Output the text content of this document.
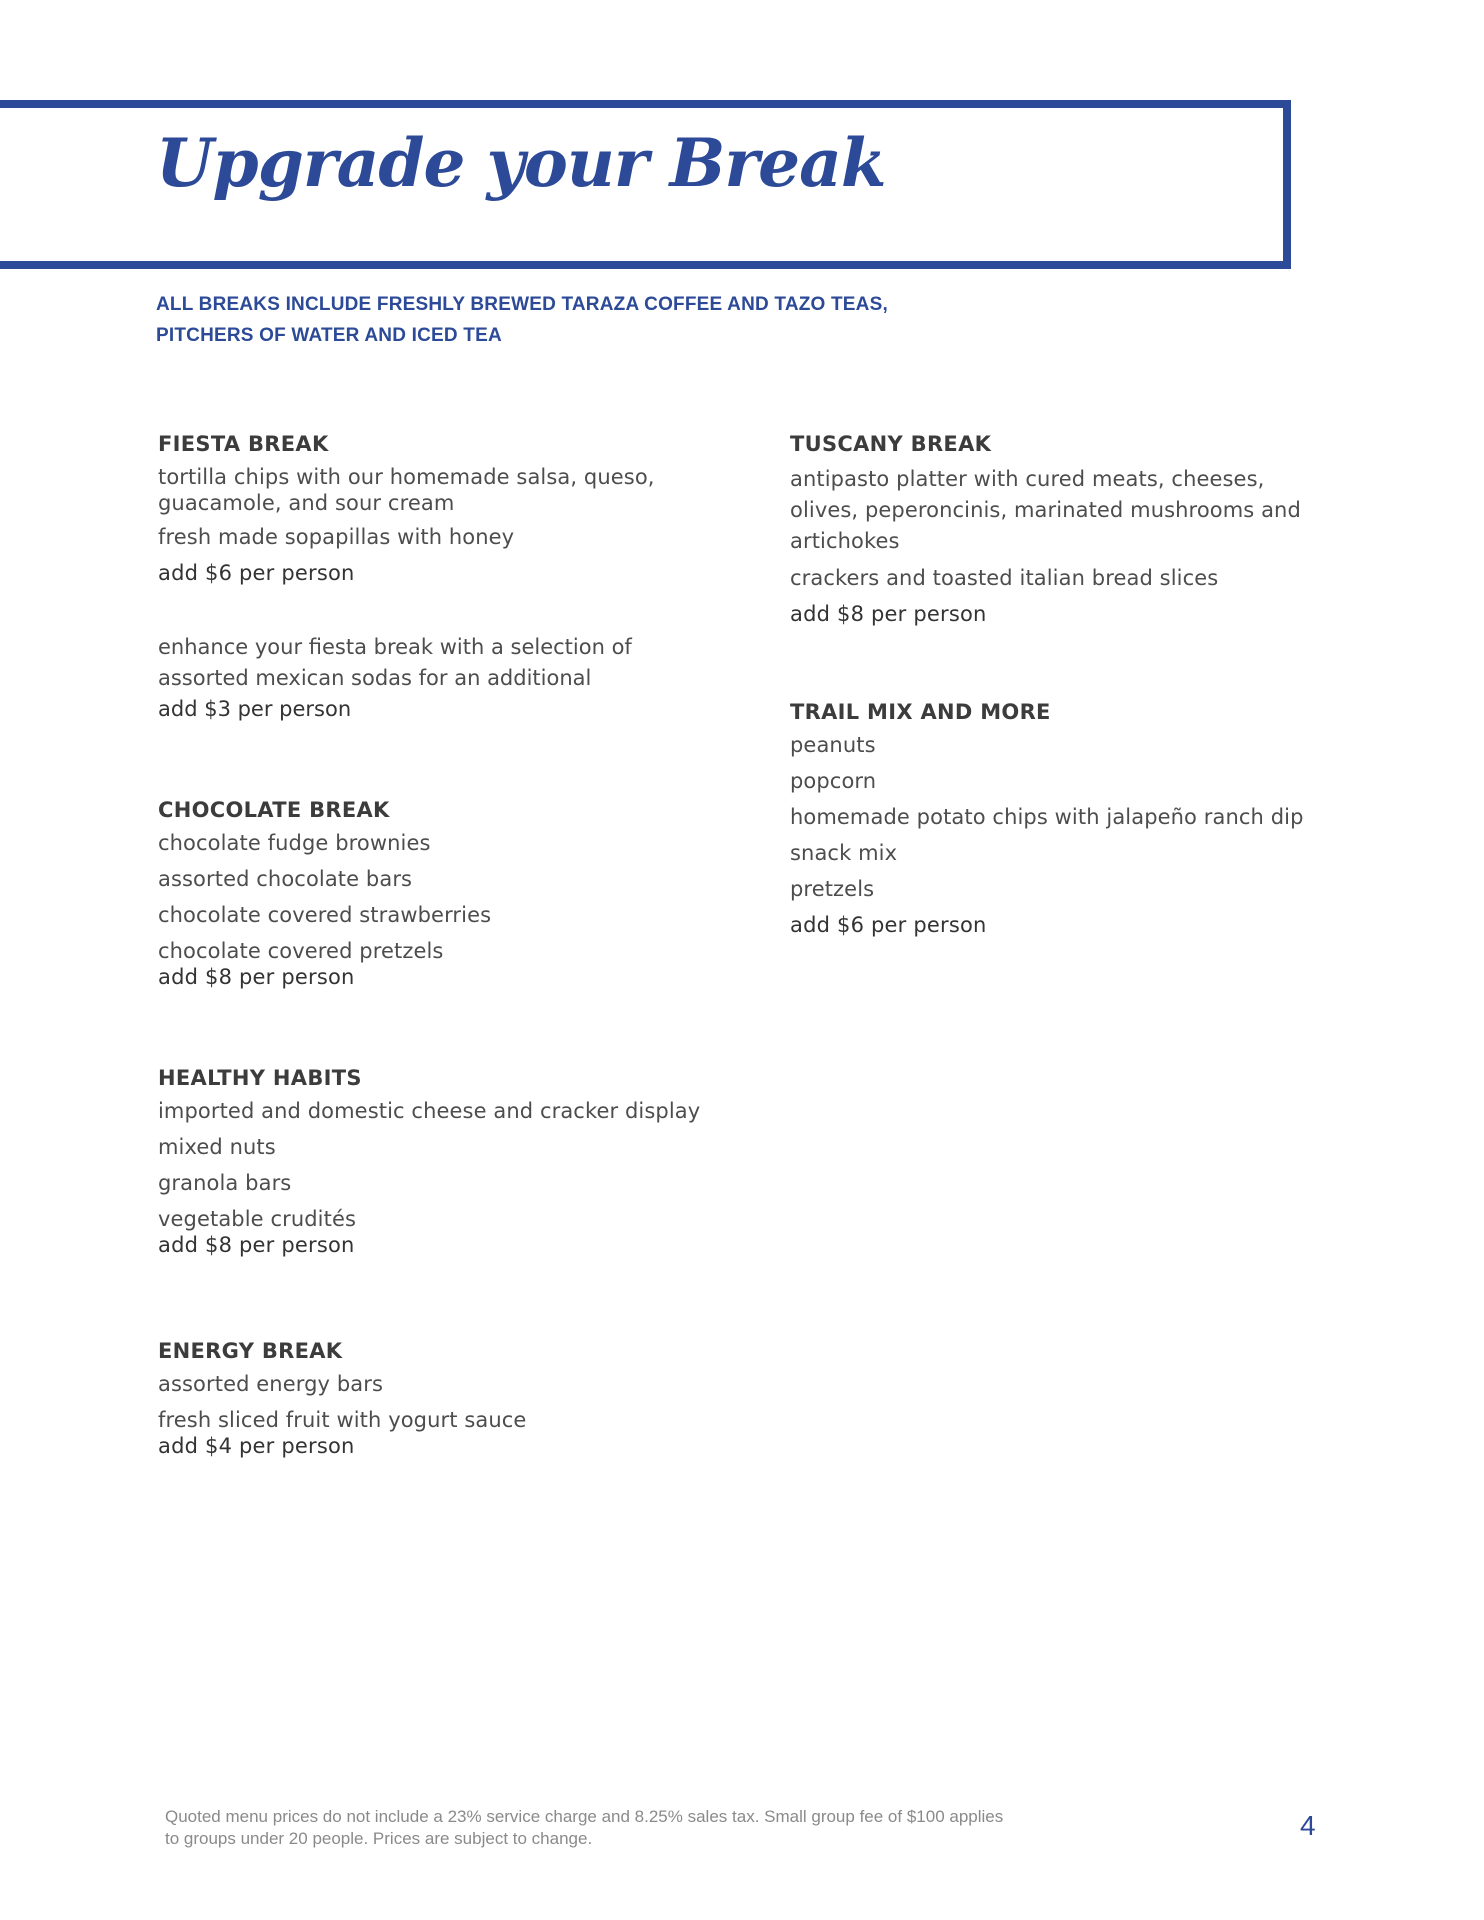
Upgrade your Break

ALL BREAKS INCLUDE FRESHLY BREWED TARAZA COFFEE AND TAZO TEAS,
PITCHERS OF WATER AND ICED TEA

FIESTA BREAK

tortilla chips with our homemade salsa, queso, guacamole, and sour cream

fresh made sopapillas with honey

add $6 per person

enhance your fiesta break with a selection of assorted mexican sodas for an additional

add $3 per person

CHOCOLATE BREAK

chocolate fudge brownies

assorted chocolate bars

chocolate covered strawberries

chocolate covered pretzels

add $8 per person

HEALTHY HABITS

imported and domestic cheese and cracker display

mixed nuts

granola bars

vegetable crudités

add $8 per person

ENERGY BREAK

assorted energy bars

fresh sliced fruit with yogurt sauce

add $4 per person

TUSCANY BREAK

antipasto platter with cured meats, cheeses, olives, peperoncinis, marinated mushrooms and artichokes

crackers and toasted italian bread slices

add $8 per person

TRAIL MIX AND MORE

peanuts

popcorn

homemade potato chips with jalapeño ranch dip

snack mix

pretzels

add $6 per person

Quoted menu prices do not include a 23% service charge and 8.25% sales tax. Small group fee of $100 applies
to groups under 20 people. Prices are subject to change.	4
